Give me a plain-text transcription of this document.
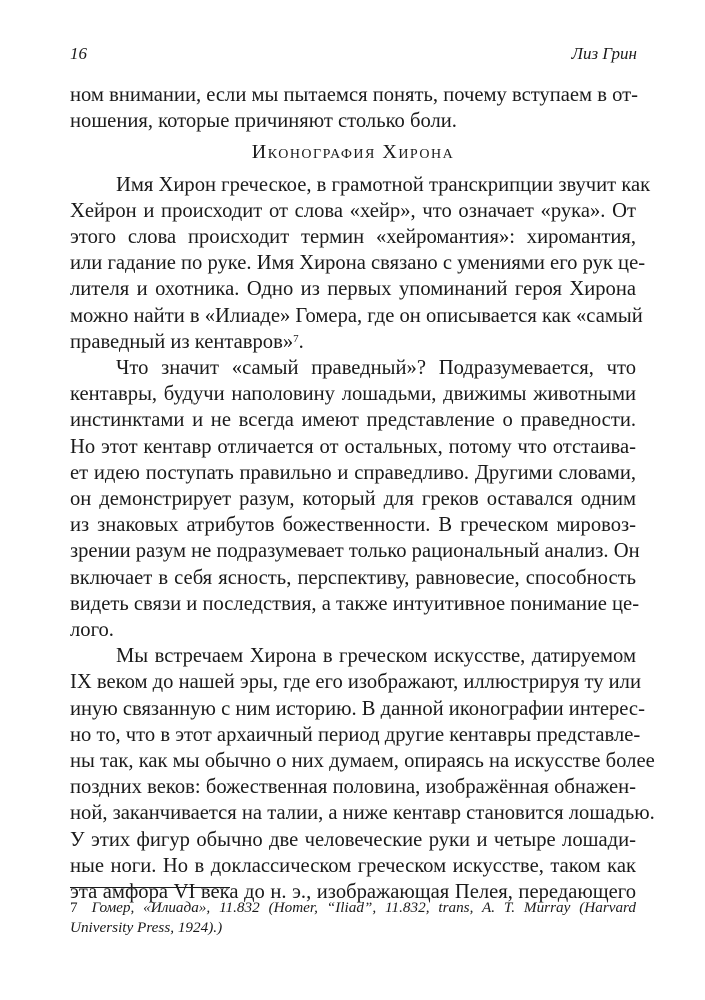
16	Лиз Грин
ном внимании, если мы пытаемся понять, почему вступаем в от-
ношения, которые причиняют столько боли.
Иконография Хирона
Имя Хирон греческое, в грамотной транскрипции звучит как
Хейрон и происходит от слова «хейр», что означает «рука». От
этого слова происходит термин «хейромантия»: хиромантия,
или гадание по руке. Имя Хирона связано с умениями его рук це-
лителя и охотника. Одно из первых упоминаний героя Хирона
можно найти в «Илиаде» Гомера, где он описывается как «самый
праведный из кентавров»$^7$.
Что значит «самый праведный»? Подразумевается, что
кентавры, будучи наполовину лошадьми, движимы животными
инстинктами и не всегда имеют представление о праведности.
Но этот кентавр отличается от остальных, потому что отстаива-
ет идею поступать правильно и справедливо. Другими словами,
он демонстрирует разум, который для греков оставался одним
из знаковых атрибутов божественности. В греческом мировоз-
зрении разум не подразумевает только рациональный анализ. Он
включает в себя ясность, перспективу, равновесие, способность
видеть связи и последствия, а также интуитивное понимание це-
лого.
Мы встречаем Хирона в греческом искусстве, датируемом
IX веком до нашей эры, где его изображают, иллюстрируя ту или
иную связанную с ним историю. В данной иконографии интерес-
но то, что в этот архаичный период другие кентавры представле-
ны так, как мы обычно о них думаем, опираясь на искусстве более
поздних веков: божественная половина, изображённая обнажен-
ной, заканчивается на талии, а ниже кентавр становится лошадью.
У этих фигур обычно две человеческие руки и четыре лошади-
ные ноги. Но в доклассическом греческом искусстве, таком как
эта амфора VI века до н. э., изображающая Пелея, передающего
7 Гомер, «Илиада», 11.832 (Homer, “Iliad”, 11.832, trans, A. T. Murray (Harvard
University Press, 1924).)
